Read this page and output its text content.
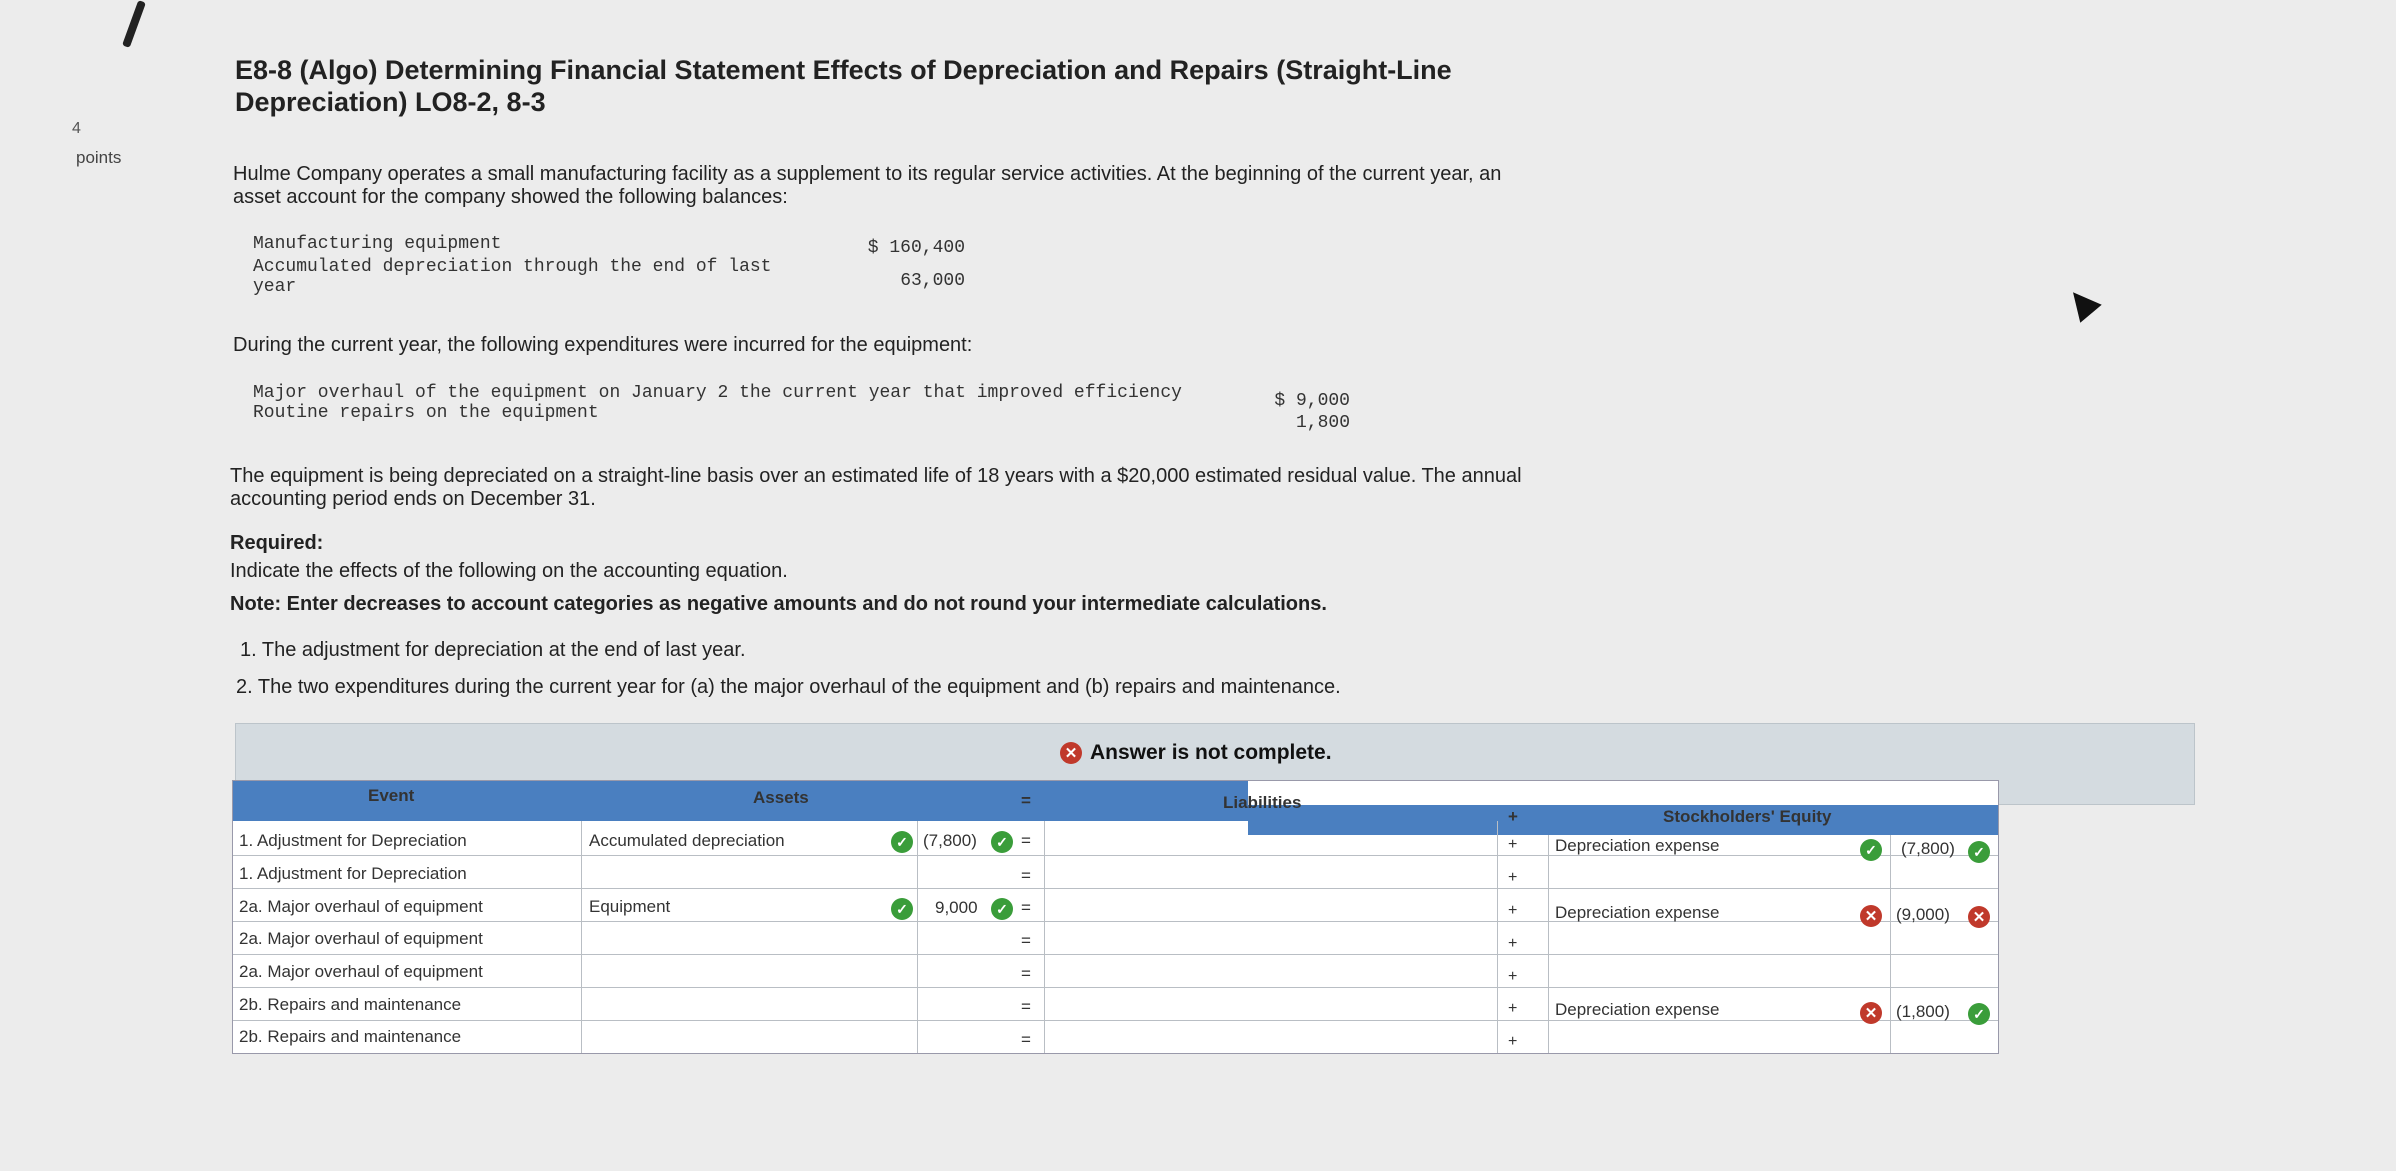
4
points
E8-8 (Algo) Determining Financial Statement Effects of Depreciation and Repairs (Straight-Line Depreciation) LO8-2, 8-3
Hulme Company operates a small manufacturing facility as a supplement to its regular service activities. At the beginning of the current year, an asset account for the company showed the following balances:
Manufacturing equipment	$ 160,400
Accumulated depreciation through the end of last year	63,000
During the current year, the following expenditures were incurred for the equipment:
Major overhaul of the equipment on January 2 the current year that improved efficiency	$ 9,000
Routine repairs on the equipment	1,800
The equipment is being depreciated on a straight-line basis over an estimated life of 18 years with a $20,000 estimated residual value. The annual accounting period ends on December 31.
Required:
Indicate the effects of the following on the accounting equation.
Note: Enter decreases to account categories as negative amounts and do not round your intermediate calculations.
1. The adjustment for depreciation at the end of last year.
2. The two expenditures during the current year for (a) the major overhaul of the equipment and (b) repairs and maintenance.
✕ Answer is not complete.
Event	Assets	=	Liabilities
+	Stockholders' Equity
1. Adjustment for Depreciation	Accumulated depreciation	✓ (7,800)	✓ =	+ Depreciation expense	✓	(7,800)	✓
1. Adjustment for Depreciation	=	+
2a. Major overhaul of equipment	Equipment	✓	9,000	✓ =	+ Depreciation expense	✕ (9,000)	✕
2a. Major overhaul of equipment	=	+
2a. Major overhaul of equipment	=	+
2b. Repairs and maintenance	=	+ Depreciation expense	✕ (1,800)	✓
2b. Repairs and maintenance	=	+
